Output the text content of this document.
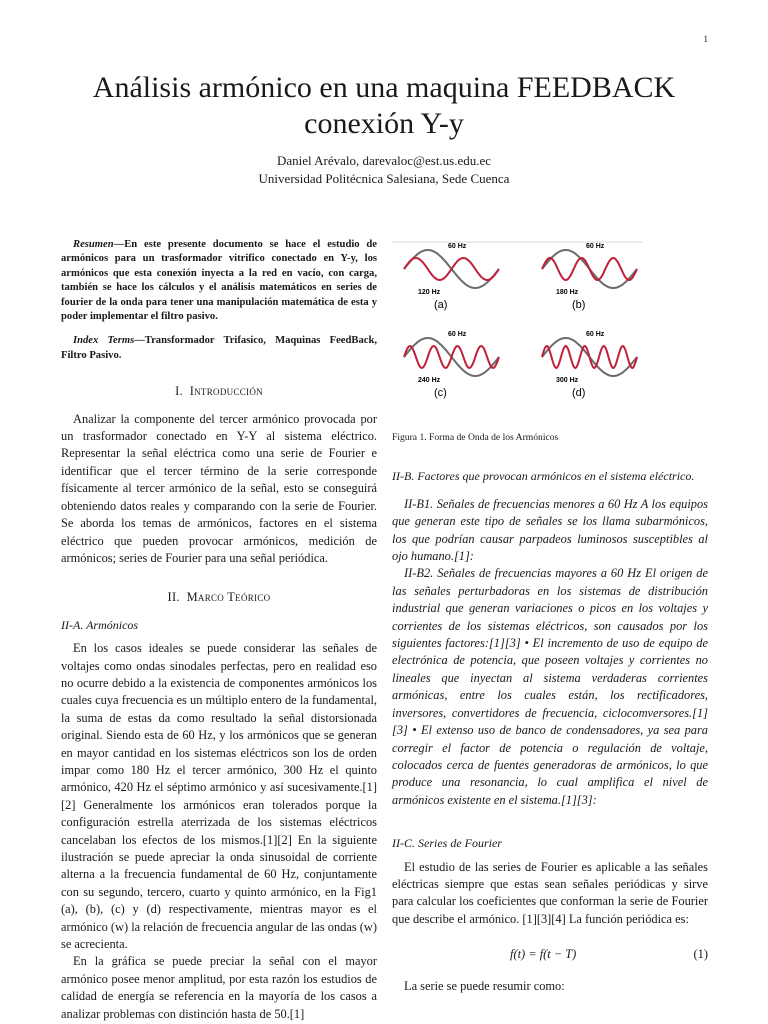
1
Análisis armónico en una maquina FEEDBACK conexión Y-y
Daniel Arévalo, darevaloc@est.us.edu.ec
Universidad Politécnica Salesiana, Sede Cuenca

Resumen—En este presente documento se hace el estudio de armónicos para un trasformador vitrifico conectado en Y-y, los armónicos que esta conexión inyecta a la red en vacío, con carga, también se hace los cálculos y el análisis matemáticos en series de fourier de la onda para tener una manipulación matemática de esta y poder implementar el filtro pasivo.

Index Terms—Transformador Trifasico, Maquinas FeedBack, Filtro Pasivo.

I. Introducción

Analizar la componente del tercer armónico provocada por un trasformador conectado en Y-Y al sistema eléctrico. Representar la señal eléctrica como una serie de Fourier e identificar que el tercer término de la serie corresponde físicamente al tercer armónico de la señal, esto se conseguirá obteniendo datos reales y comparando con la serie de Fourier. Se aborda los temas de armónicos, factores en el sistema eléctrico que pueden provocar armónicos, medición de armónicos; series de Fourier para una señal periódica.

II. Marco Teórico
II-A. Armónicos

En los casos ideales se puede considerar las señales de voltajes como ondas sinodales perfectas, pero en realidad eso no ocurre debido a la existencia de componentes armónicos los cuales cuya frecuencia es un múltiplo entero de la fundamental, la suma de estas da como resultado la señal distorsionada original. Siendo esta de 60 Hz, y los armónicos que se generan en mayor cantidad en los sistemas eléctricos son los de orden impar como 180 Hz el tercer armónico, 300 Hz el quinto armónico, 420 Hz el séptimo armónico y así sucesivamente.[1][2] Generalmente los armónicos eran tolerados porque la configuración estrella aterrizada de los sistemas eléctricos cancelaban los efectos de los mismos.[1][2] En la siguiente ilustración se puede apreciar la onda sinusoidal de corriente alterna a la frecuencia fundamental de 60 Hz, conjuntamente con su segundo, tercero, cuarto y quinto armónico, en la Fig1 (a), (b), (c) y (d) respectivamente, mientras mayor es el armónico (w) la relación de frecuencia angular de las ondas (w) se acrecienta.

En la gráfica se puede preciar la señal con el mayor armónico posee menor amplitud, por esta razón los estudios de calidad de energía se referencia en la mayoría de los casos a analizar problemas con distinción hasta de 50.[1]

60 Hz
120 Hz
(a)
60 Hz
180 Hz
(b)
60 Hz
240 Hz
(c)
60 Hz
300 Hz
(d)
Figura 1. Forma de Onda de los Armónicos
II-B. Factores que provocan armónicos en el sistema eléctrico.

II-B1. Señales de frecuencias menores a 60 Hz A los equipos que generan este tipo de señales se los llama subarmónicos, los que podrían causar parpadeos luminosos susceptibles al ojo humano.[1]:

II-B2. Señales de frecuencias mayores a 60 Hz El origen de las señales perturbadoras en los sistemas de distribución industrial que generan variaciones o picos en los voltajes y corrientes de los sistemas eléctricos, son causados por los siguientes factores:[1][3] • El incremento de uso de equipo de electrónica de potencia, que poseen voltajes y corrientes no lineales que inyectan al sistema verdaderas corrientes armónicas, entre los cuales están, los rectificadores, inversores, convertidores de frecuencia, ciclocomversores.[1][3] • El extenso uso de banco de condensadores, ya sea para corregir el factor de potencia o regulación de voltaje, colocados cerca de fuentes generadoras de armónicos, lo que produce una resonancia, lo cual amplifica el nivel de armónicos existente en el sistema.[1][3]:

II-C. Series de Fourier

El estudio de las series de Fourier es aplicable a las señales eléctricas siempre que estas sean señales periódicas y sirve para calcular los coeficientes que conforman la serie de Fourier que describe el armónico. [1][3][4] La función periódica es:

f(t) = f(t − T)	(1)

La serie se puede resumir como:
